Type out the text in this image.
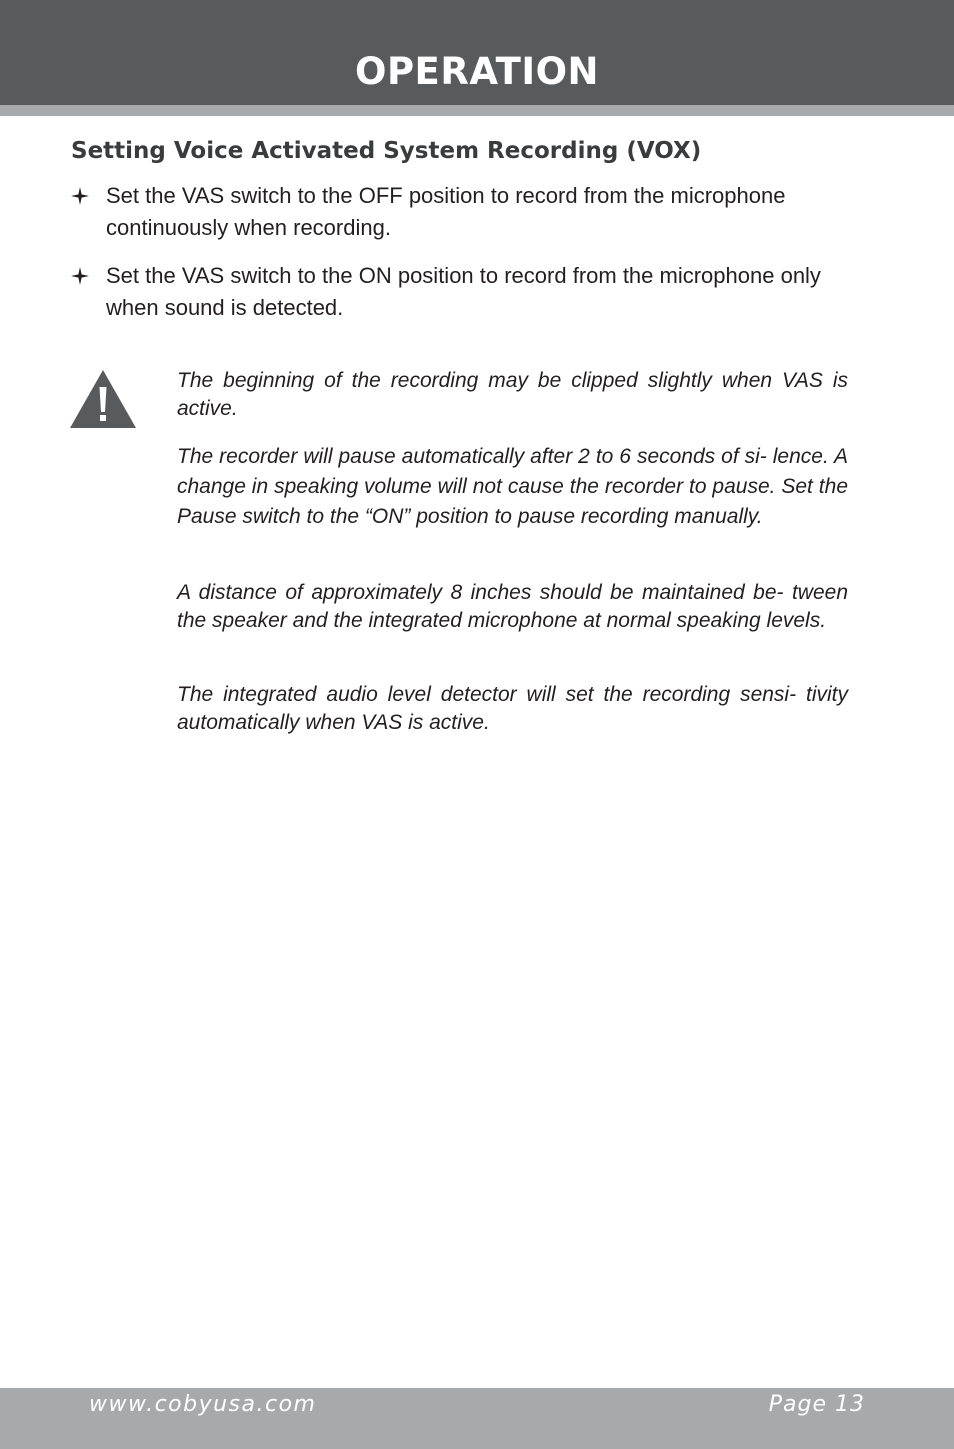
OPERATION
Setting Voice Activated System Recording (VOX)
Set the VAS switch to the OFF position to record from the microphone continuously when recording.
Set the VAS switch to the ON position to record from the microphone only when sound is detected.
The beginning of the recording may be clipped slightly when VAS is active.
The recorder will pause automatically after 2 to 6 seconds of si- lence. A change in speaking volume will not cause the recorder to pause. Set the Pause switch to the “ON” position to pause recording manually.
A distance of approximately 8 inches should be maintained be- tween the speaker and the integrated microphone at normal speaking levels.
The integrated audio level detector will set the recording sensi- tivity automatically when VAS is active.
www.cobyusa.com	Page 13
